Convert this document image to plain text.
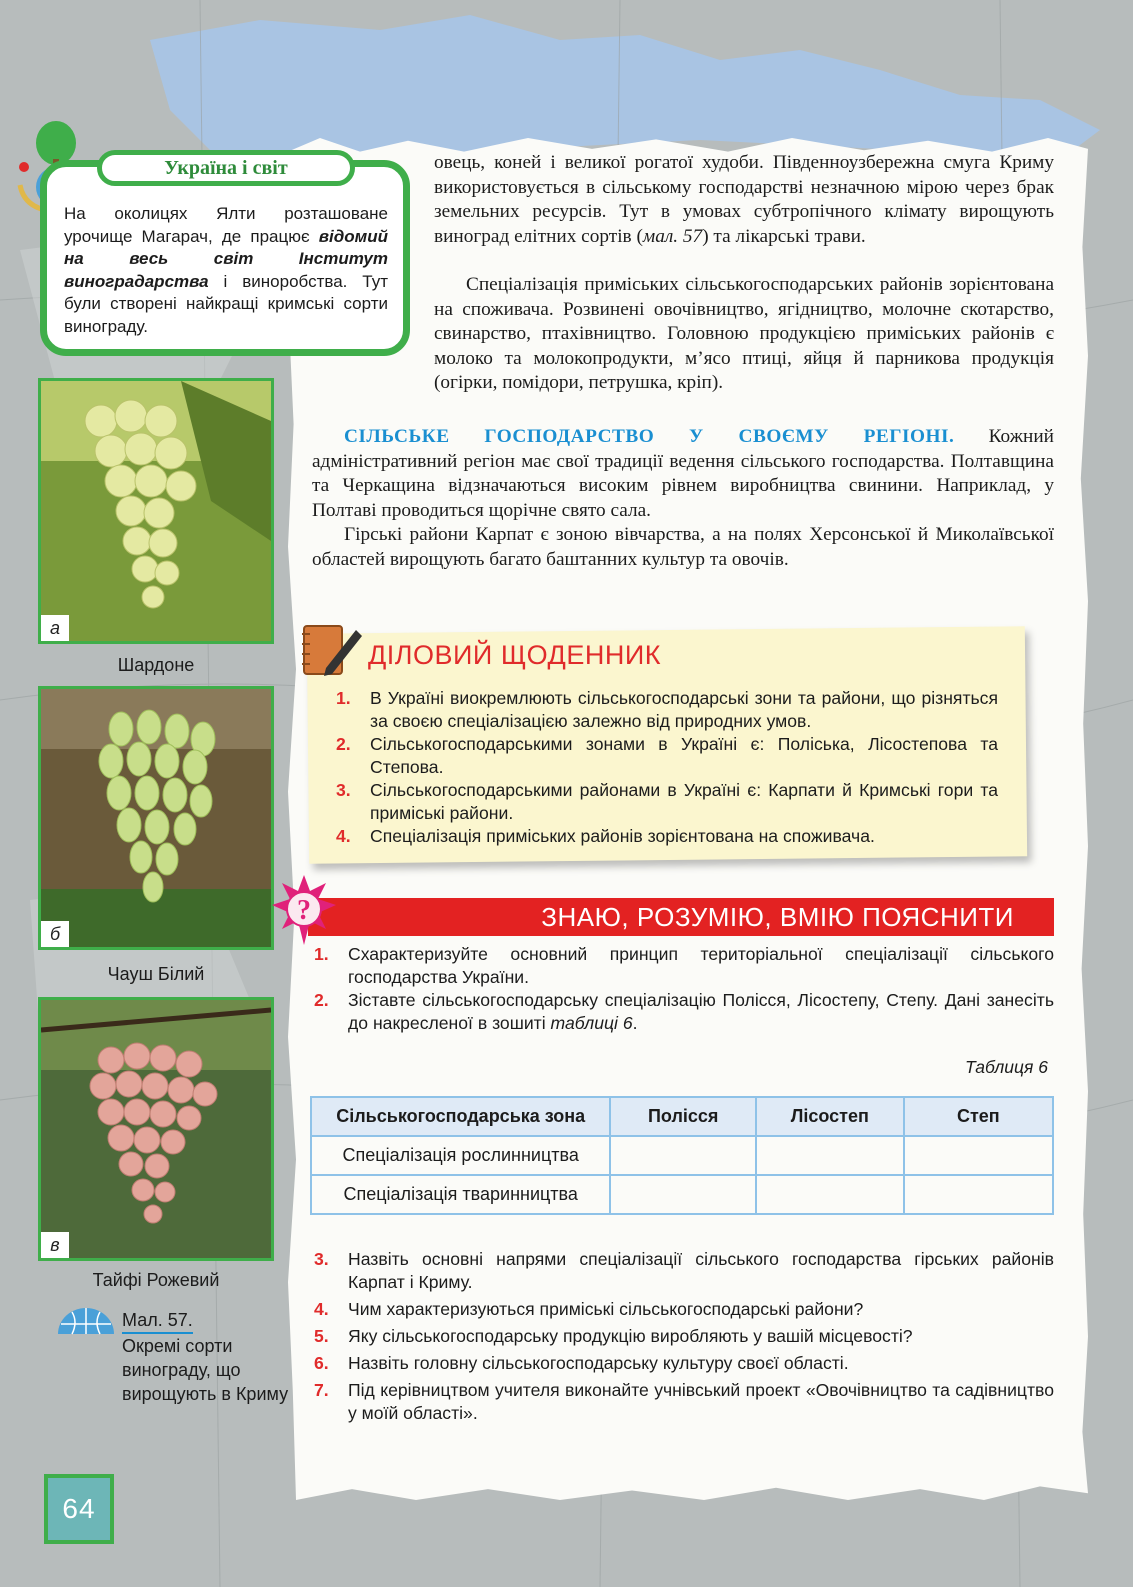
Україна і світ

На околицях Ялти розташоване урочище Магарач, де працює відомий на весь світ Інститут виноградарства і виноробства. Тут були створені найкращі кримські сорти винограду.

овець, коней і великої рогатої худоби. Південноузбережна смуга Криму використовується в сільському господарстві незначною мірою через брак земельних ресурсів. Тут в умовах субтропічного клімату вирощують виноград елітних сортів (мал. 57) та лікарські трави.

Спеціалізація приміських сільськогосподарських районів зорієнтована на споживача. Розвинені овочівництво, ягідництво, молочне скотарство, свинарство, птахівництво. Головною продукцією приміських районів є молоко та молокопродукти, м’ясо птиці, яйця й парникова продукція (огірки, помідори, петрушка, кріп).

СІЛЬСЬКЕ ГОСПОДАРСТВО У СВОЄМУ РЕГІОНІ. Кожний адміністративний регіон має свої традиції ведення сільського господарства. Полтавщина та Черкащина відзначаються високим рівнем виробництва свинини. Наприклад, у Полтаві проводиться щорічне свято сала.

Гірські райони Карпат є зоною вівчарства, а на полях Херсонської й Миколаївської областей вирощують багато баштанних культур та овочів.

а
Шардоне
б
Чауш Білий
в
Тайфі Рожевий
Мал. 57.
Окремі сорти винограду, що вирощують в Криму
ДІЛОВИЙ ЩОДЕННИК
1. В Україні виокремлюють сільськогосподарські зони та райони, що різняться за своєю спеціалізацією залежно від природних умов.
2. Сільськогосподарськими зонами в Україні є: Поліська, Лісостепова та Степова.
3. Сільськогосподарськими районами в Україні є: Карпати й Кримські гори та приміські райони.
4. Спеціалізація приміських районів зорієнтована на споживача.
ЗНАЮ, РОЗУМІЮ, ВМІЮ ПОЯСНИТИ
?
1. Схарактеризуйте основний принцип територіальної спеціалізації сільського господарства України.
2. Зіставте сільськогосподарську спеціалізацію Полісся, Лісостепу, Степу. Дані занесіть до накресленої в зошиті таблиці 6.
Таблиця 6
Сільськогосподарська зона	Полісся	Лісостеп	Степ
Спеціалізація рослинництва			
Спеціалізація тваринництва			
3. Назвіть основні напрями спеціалізації сільського господарства гірських районів Карпат і Криму.
4. Чим характеризуються приміські сільськогосподарські райони?
5. Яку сільськогосподарську продукцію виробляють у вашій місцевості?
6. Назвіть головну сільськогосподарську культуру своєї області.
7. Під керівництвом учителя виконайте учнівський проект «Овочівництво та садівництво у моїй області».
64
